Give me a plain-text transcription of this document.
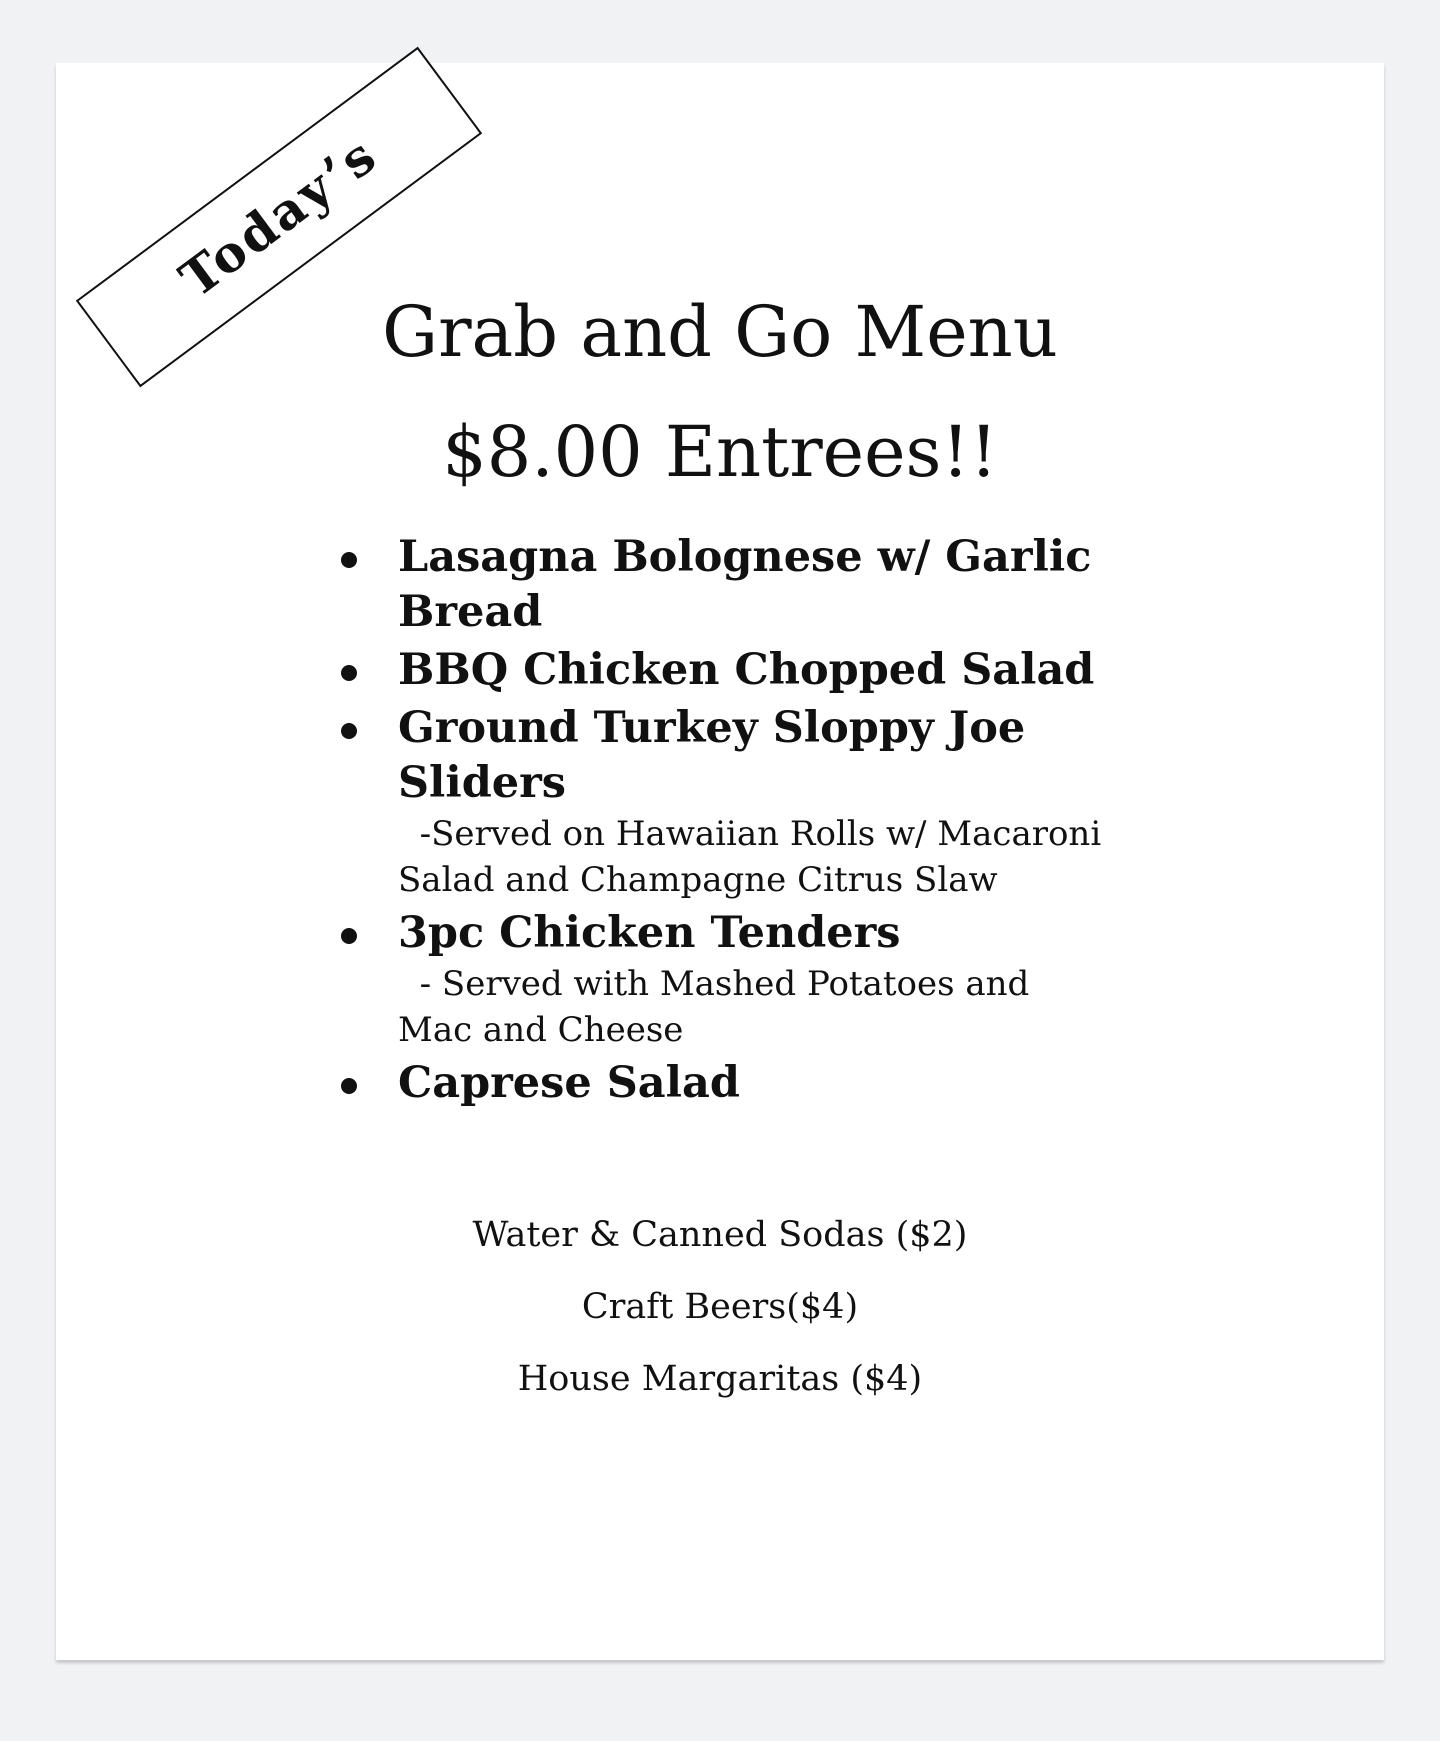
Today’s
Grab and Go Menu
$8.00 Entrees!!
Lasagna Bolognese w/ Garlic Bread
BBQ Chicken Chopped Salad
Ground Turkey Sloppy Joe Sliders
-Served on Hawaiian Rolls w/ Macaroni Salad and Champagne Citrus Slaw
3pc Chicken Tenders
- Served with Mashed Potatoes and Mac and Cheese
Caprese Salad

Water & Canned Sodas ($2)

Craft Beers($4)

House Margaritas ($4)
